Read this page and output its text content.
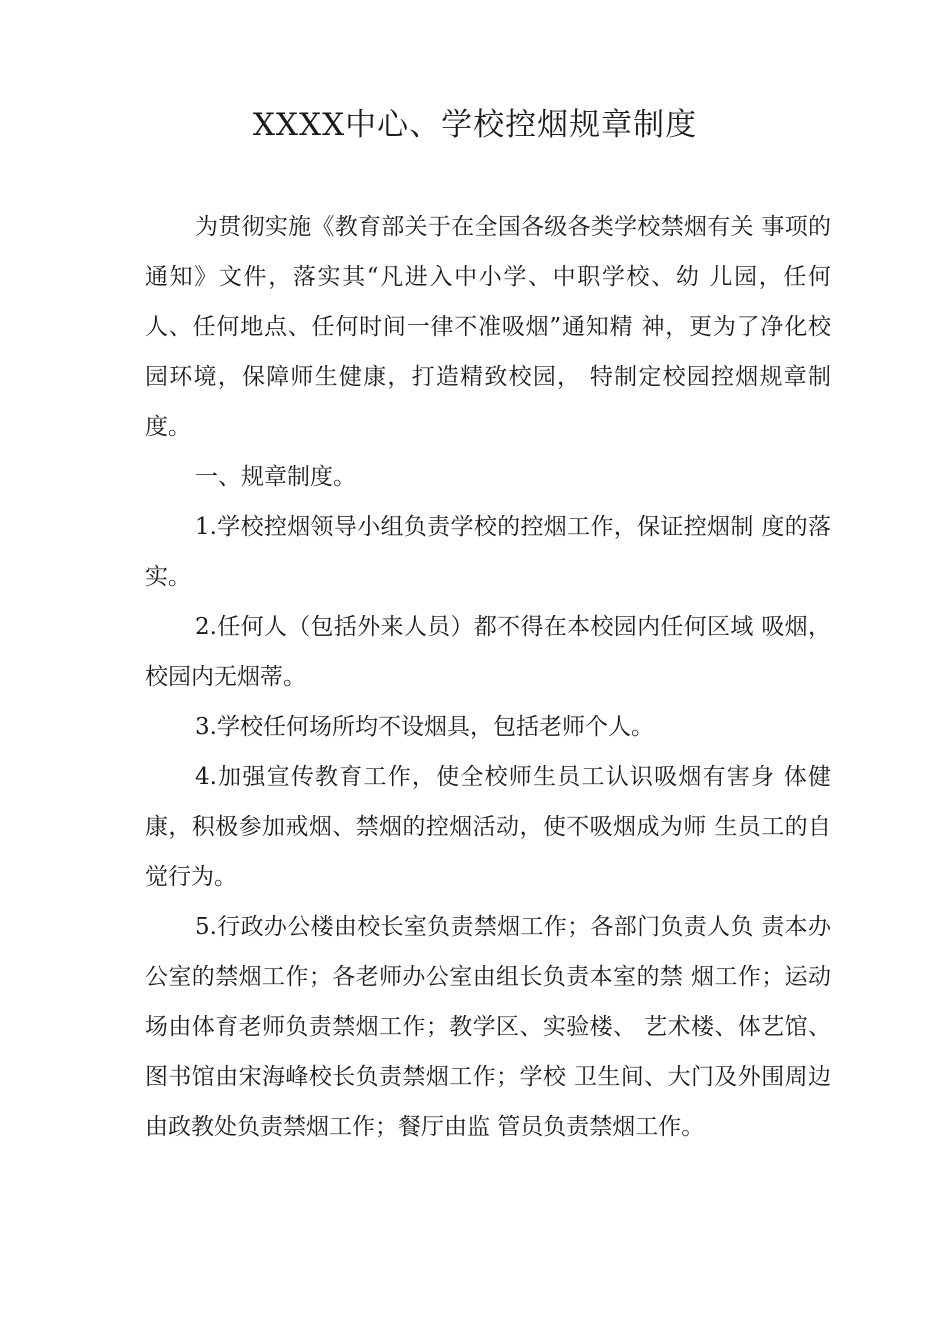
XXXX中心、学校控烟规章制度

为贯彻实施《教育部关于在全国各级各类学校禁烟有关 事项的通知》文件，落实其“凡进入中小学、中职学校、幼 儿园，任何人、任何地点、任何时间一律不准吸烟”通知精 神，更为了净化校园环境，保障师生健康，打造精致校园， 特制定校园控烟规章制度。

一、规章制度。

1.学校控烟领导小组负责学校的控烟工作，保证控烟制 度的落实。

2.任何人（包括外来人员）都不得在本校园内任何区域 吸烟，校园内无烟蒂。

3.学校任何场所均不设烟具，包括老师个人。

4.加强宣传教育工作，使全校师生员工认识吸烟有害身 体健康，积极参加戒烟、禁烟的控烟活动，使不吸烟成为师 生员工的自觉行为。

5.行政办公楼由校长室负责禁烟工作；各部门负责人负 责本办公室的禁烟工作；各老师办公室由组长负责本室的禁 烟工作；运动场由体育老师负责禁烟工作；教学区、实验楼、 艺术楼、体艺馆、图书馆由宋海峰校长负责禁烟工作；学校 卫生间、大门及外围周边由政教处负责禁烟工作；餐厅由监 管员负责禁烟工作。
